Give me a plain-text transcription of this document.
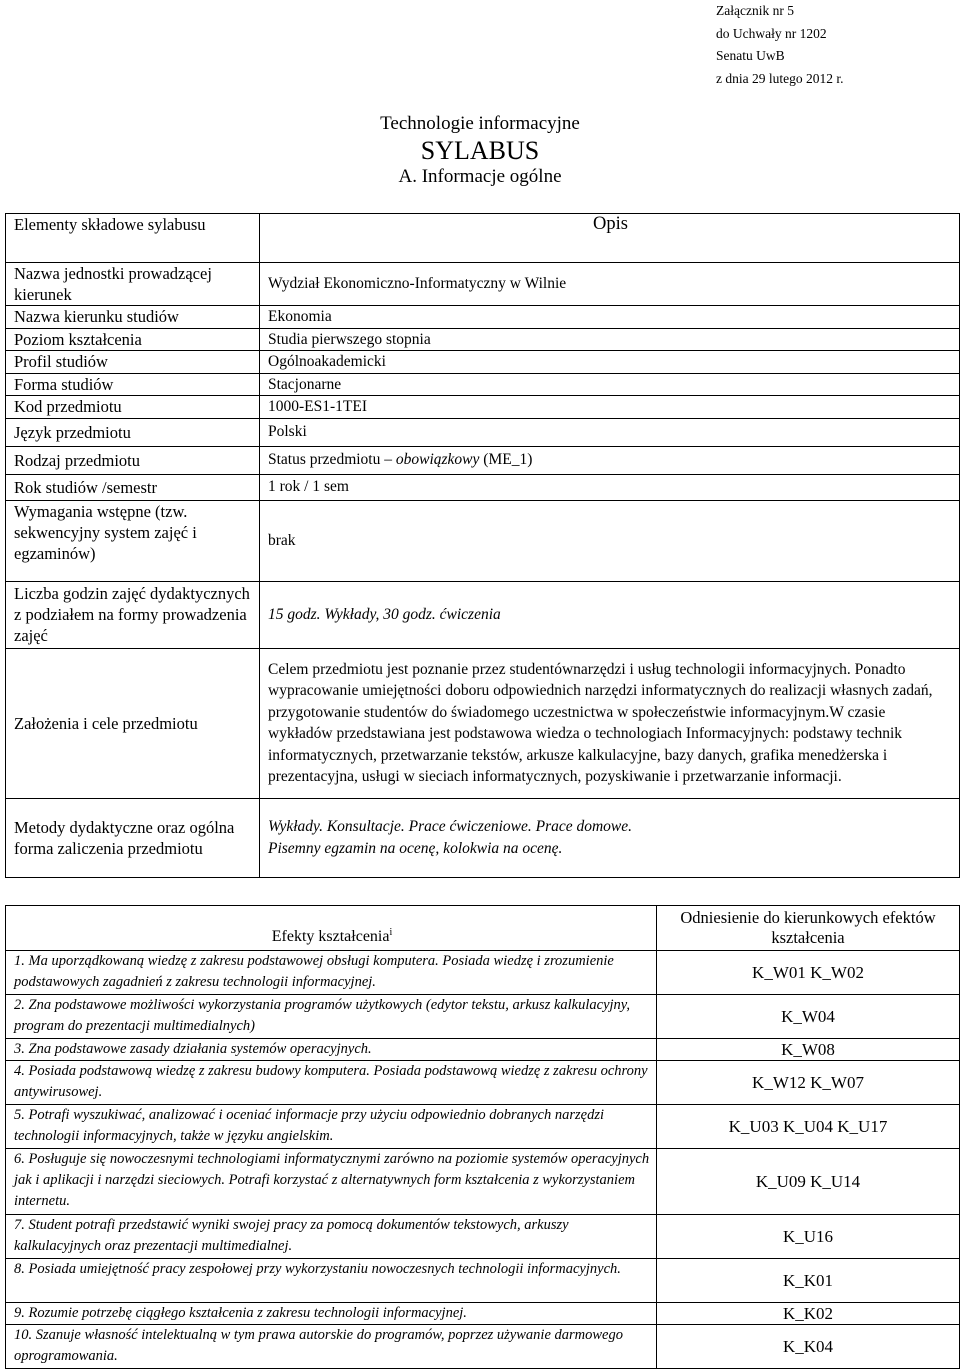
Załącznik nr 5
do Uchwały nr 1202
Senatu UwB
z dnia 29 lutego 2012 r.
Technologie informacyjne
SYLABUS
A. Informacje ogólne
Elementy składowe sylabusu	Opis

Nazwa jednostki prowadzącej kierunek	Wydział Ekonomiczno-Informatyczny w Wilnie
Nazwa kierunku studiów	Ekonomia
Poziom kształcenia	Studia pierwszego stopnia
Profil studiów	Ogólnoakademicki
Forma studiów	Stacjonarne
Kod przedmiotu	1000-ES1-1TEI
Język przedmiotu	Polski
Rodzaj przedmiotu	Status przedmiotu – obowiązkowy (ME_1)
Rok studiów /semestr	1 rok / 1 sem
Wymagania wstępne (tzw. sekwencyjny system zajęć i egzaminów)	brak
Liczba godzin zajęć dydaktycznych z podziałem na formy prowadzenia zajęć	15 godz. Wykłady, 30 godz. ćwiczenia
Założenia i cele przedmiotu	Celem przedmiotu jest poznanie przez studentównarzędzi i usług technologii informacyjnych. Ponadto wypracowanie umiejętności doboru odpowiednich narzędzi informatycznych do realizacji własnych zadań, przygotowanie studentów do świadomego uczestnictwa w społeczeństwie informacyjnym.W czasie wykładów przedstawiana jest podstawowa wiedza o technologiach Informacyjnych: podstawy technik informatycznych, przetwarzanie tekstów, arkusze kalkulacyjne, bazy danych, grafika menedżerska i prezentacyjna, usługi w sieciach informatycznych, pozyskiwanie i przetwarzanie informacji.
Metody dydaktyczne oraz ogólna forma zaliczenia przedmiotu	Wykłady. Konsultacje. Prace ćwiczeniowe. Prace domowe.
Pisemny egzamin na ocenę, kolokwia na ocenę.
Efekty kształcenia$^i$	Odniesienie do kierunkowych efektów kształcenia
1. Ma uporządkowaną wiedzę z zakresu podstawowej obsługi komputera. Posiada wiedzę i zrozumienie podstawowych zagadnień z zakresu technologii informacyjnej.	K_W01 K_W02
2. Zna podstawowe możliwości wykorzystania programów użytkowych (edytor tekstu, arkusz kalkulacyjny, program do prezentacji multimedialnych)	K_W04
3. Zna podstawowe zasady działania systemów operacyjnych.	K_W08
4. Posiada podstawową wiedzę z zakresu budowy komputera. Posiada podstawową wiedzę z zakresu ochrony antywirusowej.	K_W12 K_W07
5. Potrafi wyszukiwać, analizować i oceniać informacje przy użyciu odpowiednio dobranych narzędzi technologii informacyjnych, także w języku angielskim.	K_U03 K_U04 K_U17
6. Posługuje się nowoczesnymi technologiami informatycznymi zarówno na poziomie systemów operacyjnych jak i aplikacji i narzędzi sieciowych. Potrafi korzystać z alternatywnych form kształcenia z wykorzystaniem internetu.	K_U09 K_U14
7. Student potrafi przedstawić wyniki swojej pracy za pomocą dokumentów tekstowych, arkuszy kalkulacyjnych oraz prezentacji multimedialnej.	K_U16
8. Posiada umiejętność pracy zespołowej przy wykorzystaniu nowoczesnych technologii informacyjnych.	K_K01
9. Rozumie potrzebę ciągłego kształcenia z zakresu technologii informacyjnej.	K_K02
10. Szanuje własność intelektualną w tym prawa autorskie do programów, poprzez używanie darmowego oprogramowania.	K_K04
